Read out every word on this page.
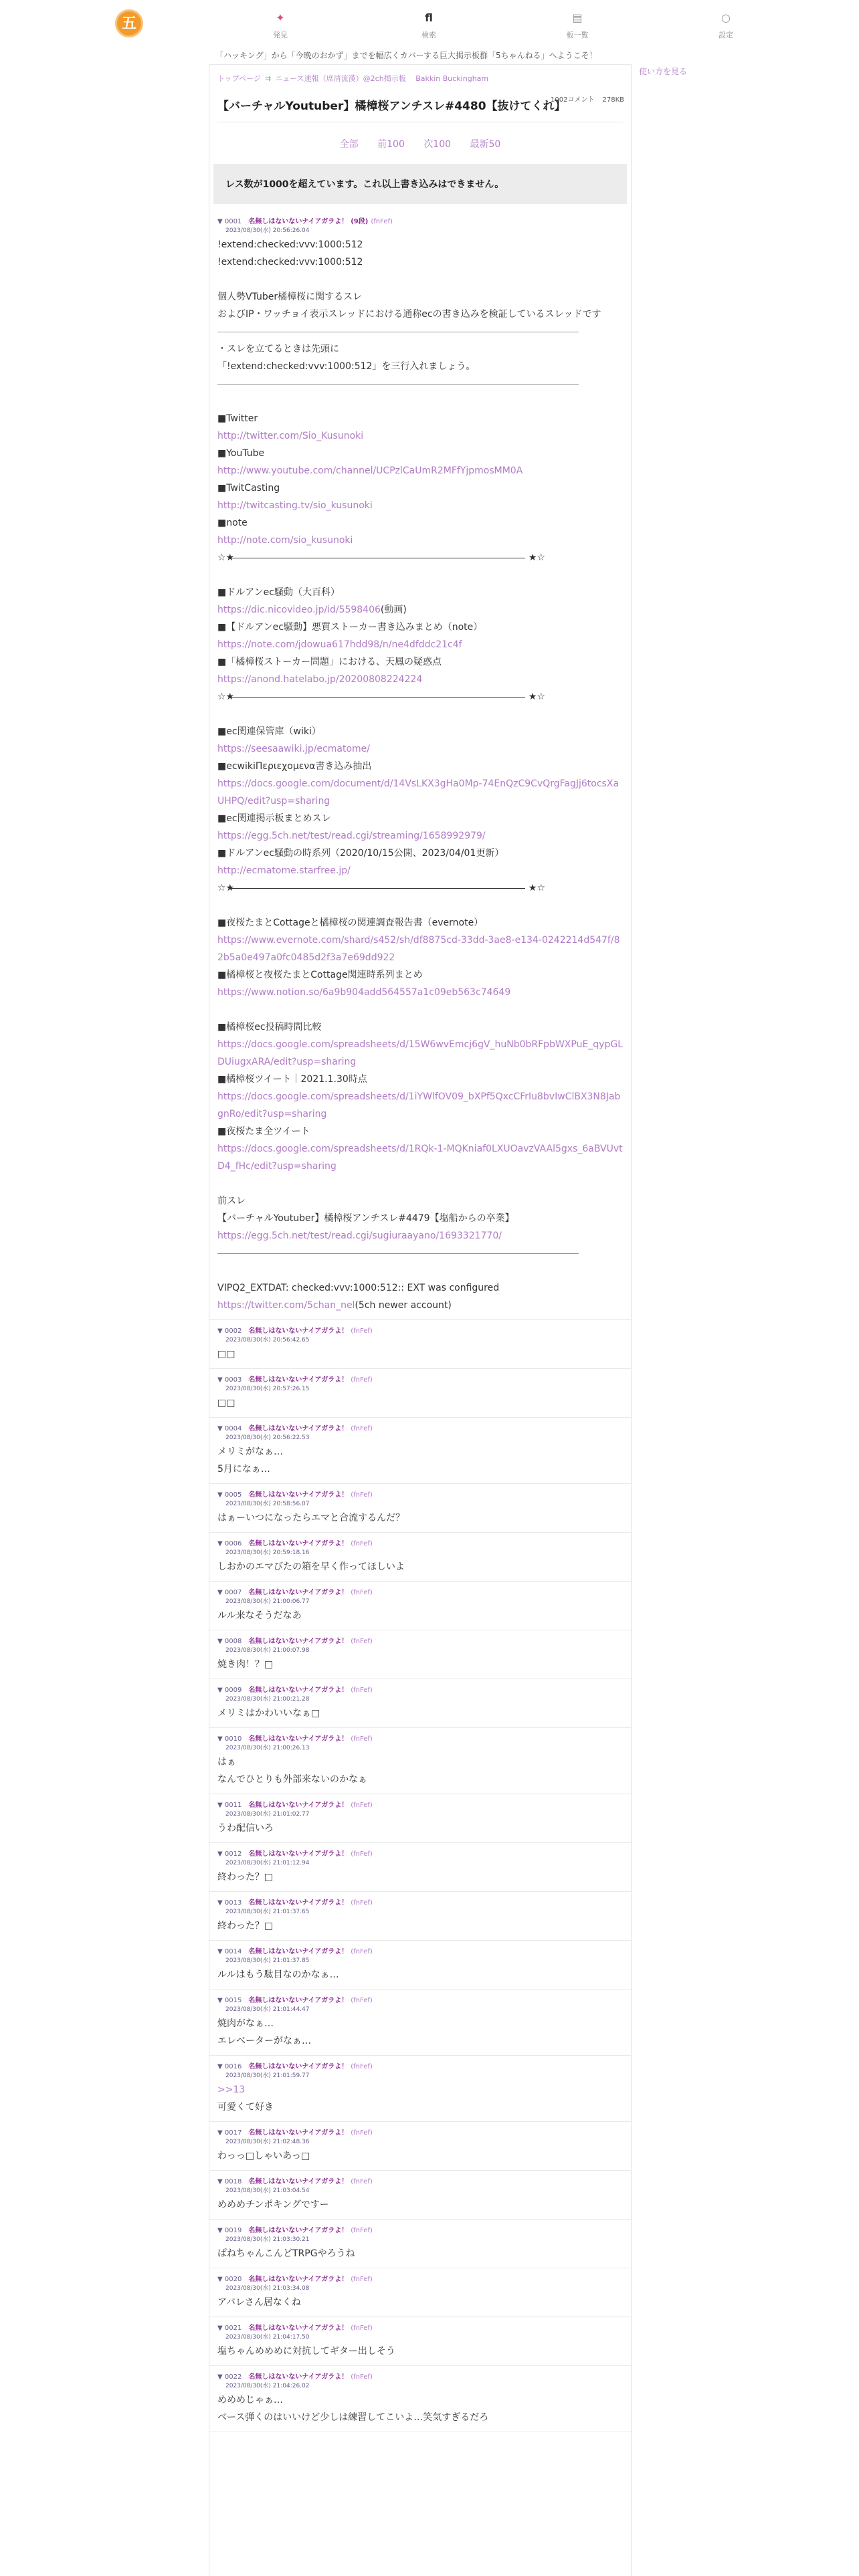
五	✦
発見
fl
検索
▤
板一覧
○
設定
「ハッキング」から「今晩のおかず」までを幅広くカバーする巨大掲示板群「5ちゃんねる」へようこそ！
使い方を見る
トップページ ⇉ ニュース速報（席清流漢）@2ch掲示板 　Bakkin Buckingham
1002コメント 278KB
【バーチャルYoutuber】橘樟桜アンチスレ#4480【抜けてくれ】
全部 前100 次100 最新50
レス数が1000を超えています。これ以上書き込みはできません。
▼ 0001 名無しはないないナイアガラよ！ (9段) (fnFef)
2023/08/30(水) 20:56:26.04
!extend:checked:vvv:1000:512
!extend:checked:vvv:1000:512
個人勢VTuber橘樟桜に関するスレ
およびIP・ワッチョイ表示スレッドにおける通称ecの書き込みを検証しているスレッドです
・スレを立てるときは先頭に
「!extend:checked:vvv:1000:512」を三行入れましょう。
■Twitter
http://twitter.com/Sio_Kusunoki
■YouTube
http://www.youtube.com/channel/UCPzlCaUmR2MFfYjpmosMM0A
■TwitCasting
http://twitcasting.tv/sio_kusunoki
■note
http://note.com/sio_kusunoki
☆★	★☆
■ドルアンec騒動（大百科）
https://dic.nicovideo.jp/id/5598406(動画)
■【ドルアンec騒動】悪質ストーカー書き込みまとめ（note）
https://note.com/jdowua617hdd98/n/ne4dfddc21c4f
■「橘樟桜ストーカー問題」における、天鳳の疑惑点
https://anond.hatelabo.jp/20200808224224
☆★	★☆
■ec関連保管庫（wiki）
https://seesaawiki.jp/ecmatome/
■ecwikiΠεριεχομενα書き込み抽出
https://docs.google.com/document/d/14VsLKX3gHa0Mp-74EnQzC9CvQrgFagJj6tocsXaUHPQ/edit?usp=sharing
■ec関連掲示板まとめスレ
https://egg.5ch.net/test/read.cgi/streaming/1658992979/
■ドルアンec騒動の時系列（2020/10/15公開、2023/04/01更新）
http://ecmatome.starfree.jp/
☆★	★☆
■夜桜たまとCottageと橘樟桜の関連調査報告書（evernote）
https://www.evernote.com/shard/s452/sh/df8875cd-33dd-3ae8-e134-0242214d547f/82b5a0e497a0fc0485d2f3a7e69dd922
■橘樟桜と夜桜たまとCottage関連時系列まとめ
https://www.notion.so/6a9b904add564557a1c09eb563c74649
■橘樟桜ec投稿時間比較
https://docs.google.com/spreadsheets/d/15W6wvEmcj6gV_huNb0bRFpbWXPuE_qypGLDUiugxARA/edit?usp=sharing
■橘樟桜ツイート｜2021.1.30時点
https://docs.google.com/spreadsheets/d/1iYWlfOV09_bXPf5QxcCFrIu8bvIwClBX3N8JabgnRo/edit?usp=sharing
■夜桜たま全ツイート
https://docs.google.com/spreadsheets/d/1RQk-1-MQKniaf0LXUOavzVAAl5gxs_6aBVUvtD4_fHc/edit?usp=sharing
前スレ
【バーチャルYoutuber】橘樟桜アンチスレ#4479【塩船からの卒業】
https://egg.5ch.net/test/read.cgi/sugiuraayano/1693321770/
VIPQ2_EXTDAT: checked:vvv:1000:512:: EXT was configured
https://twitter.com/5chan_nel(5ch newer account)
▼ 0002 名無しはないないナイアガラよ！ (fnFef)
2023/08/30(水) 20:56:42.65
□□
▼ 0003 名無しはないないナイアガラよ！ (fnFef)
2023/08/30(水) 20:57:26.15
□□
▼ 0004 名無しはないないナイアガラよ！ (fnFef)
2023/08/30(水) 20:56:22.53
メリミがなぁ…
5月になぁ…
▼ 0005 名無しはないないナイアガラよ！ (fnFef)
2023/08/30(水) 20:58:56.07
はぁーいつになったらエマと合流するんだ？
▼ 0006 名無しはないないナイアガラよ！ (fnFef)
2023/08/30(水) 20:59:18.16
しおかのエマびたの箱を早く作ってほしいよ
▼ 0007 名無しはないないナイアガラよ！ (fnFef)
2023/08/30(水) 21:00:06.77
ルル来なそうだなあ
▼ 0008 名無しはないないナイアガラよ！ (fnFef)
2023/08/30(水) 21:00:07.98
焼き肉！？□
▼ 0009 名無しはないないナイアガラよ！ (fnFef)
2023/08/30(水) 21:00:21.28
メリミはかわいいなぁ□
▼ 0010 名無しはないないナイアガラよ！ (fnFef)
2023/08/30(水) 21:00:26.13
はぁ
なんでひとりも外部来ないのかなぁ
▼ 0011 名無しはないないナイアガラよ！ (fnFef)
2023/08/30(水) 21:01:02.77
うわ配信いろ
▼ 0012 名無しはないないナイアガラよ！ (fnFef)
2023/08/30(水) 21:01:12.94
終わった？□
▼ 0013 名無しはないないナイアガラよ！ (fnFef)
2023/08/30(水) 21:01:37.65
終わった？□
▼ 0014 名無しはないないナイアガラよ！ (fnFef)
2023/08/30(水) 21:01:37.85
ルルはもう駄目なのかなぁ…
▼ 0015 名無しはないないナイアガラよ！ (fnFef)
2023/08/30(水) 21:01:44.47
焼肉がなぁ…
エレベーターがなぁ…
▼ 0016 名無しはないないナイアガラよ！ (fnFef)
2023/08/30(水) 21:01:59.77
>>13
可愛くて好き
▼ 0017 名無しはないないナイアガラよ！ (fnFef)
2023/08/30(水) 21:02:48.36
わっっ□しゃいあっ□
▼ 0018 名無しはないないナイアガラよ！ (fnFef)
2023/08/30(水) 21:03:04.54
めめめチンポキングですー
▼ 0019 名無しはないないナイアガラよ！ (fnFef)
2023/08/30(水) 21:03:30.21
ぱねちゃんこんどTRPGやろうね
▼ 0020 名無しはないないナイアガラよ！ (fnFef)
2023/08/30(水) 21:03:34.08
アバレさん居なくね
▼ 0021 名無しはないないナイアガラよ！ (fnFef)
2023/08/30(水) 21:04:17.50
塩ちゃんめめめに対抗してギター出しそう
▼ 0022 名無しはないないナイアガラよ！ (fnFef)
2023/08/30(水) 21:04:26.02
めめめじゃぁ…
ベース弾くのはいいけど少しは練習してこいよ…笑気すぎるだろ
